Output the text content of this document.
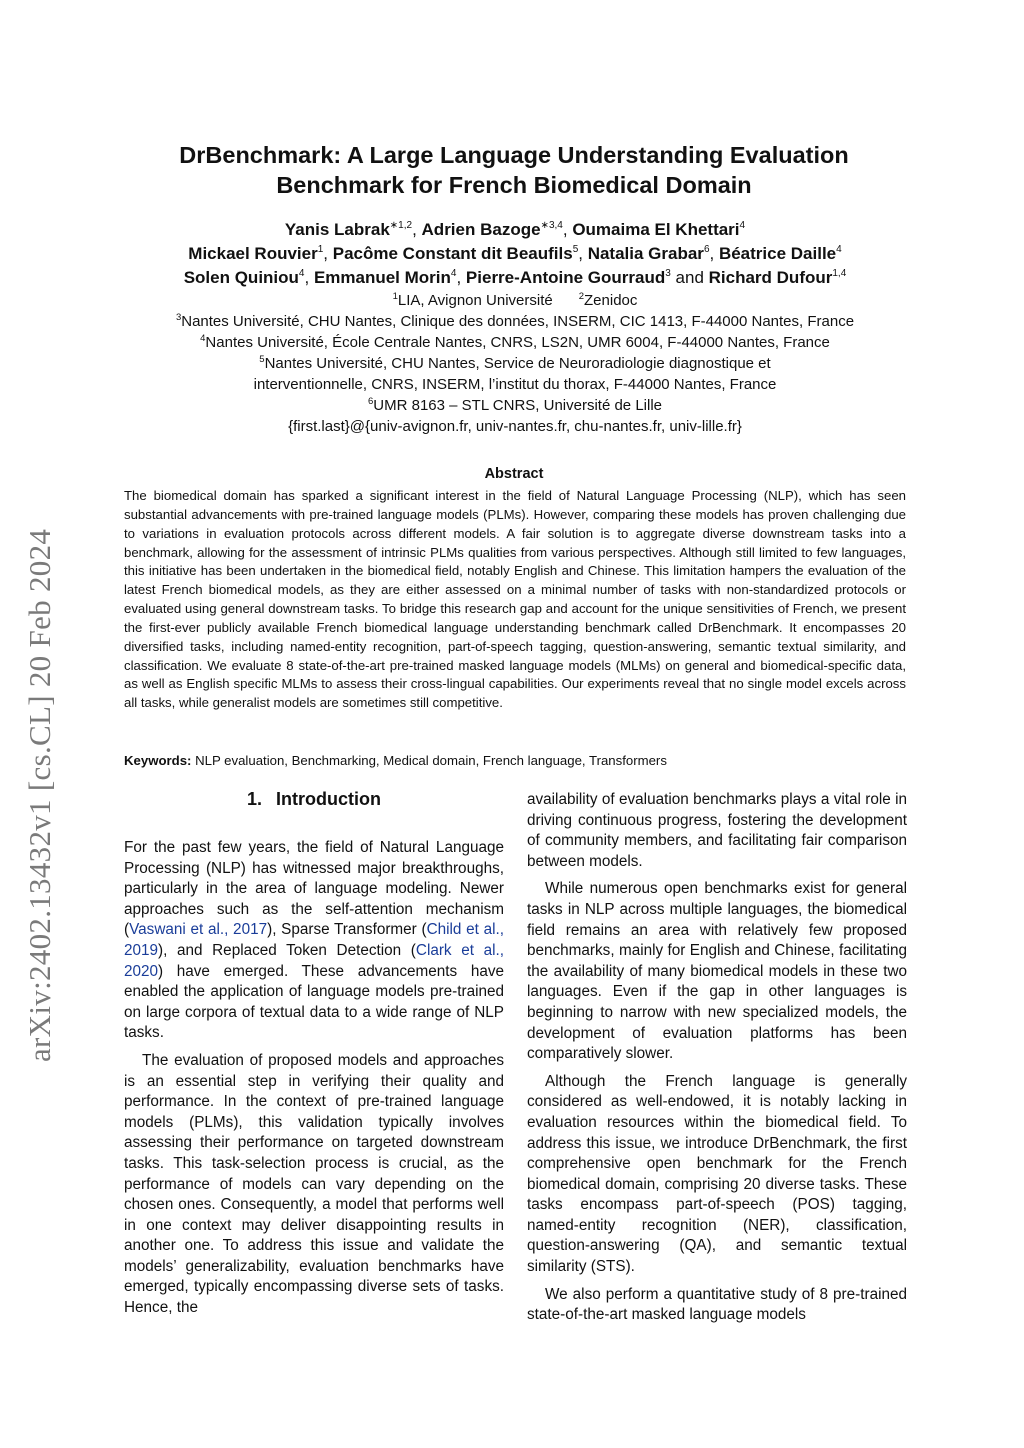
arXiv:2402.13432v1 [cs.CL] 20 Feb 2024
DrBenchmark: A Large Language Understanding Evaluation
Benchmark for French Biomedical Domain
Yanis Labrak$^{∗1,2}$, Adrien Bazoge$^{∗3,4}$, Oumaima El Khettari$^4$
Mickael Rouvier$^1$, Pacôme Constant dit Beaufils$^5$, Natalia Grabar$^6$, Béatrice Daille$^4$
Solen Quiniou$^4$, Emmanuel Morin$^4$, Pierre-Antoine Gourraud$^3$ and Richard Dufour$^{1,4}$
$^1$LIA, Avignon Université	$^2$Zenidoc
$^3$Nantes Université, CHU Nantes, Clinique des données, INSERM, CIC 1413, F-44000 Nantes, France
$^4$Nantes Université, École Centrale Nantes, CNRS, LS2N, UMR 6004, F-44000 Nantes, France
$^5$Nantes Université, CHU Nantes, Service de Neuroradiologie diagnostique et
interventionnelle, CNRS, INSERM, l’institut du thorax, F-44000 Nantes, France
$^6$UMR 8163 – STL CNRS, Université de Lille
{first.last}@{univ-avignon.fr, univ-nantes.fr, chu-nantes.fr, univ-lille.fr}
Abstract
The biomedical domain has sparked a significant interest in the field of Natural Language Processing (NLP), which has seen substantial advancements with pre-trained language models (PLMs). However, comparing these models has proven challenging due to variations in evaluation protocols across different models. A fair solution is to aggregate diverse downstream tasks into a benchmark, allowing for the assessment of intrinsic PLMs qualities from various perspectives. Although still limited to few languages, this initiative has been undertaken in the biomedical field, notably English and Chinese. This limitation hampers the evaluation of the latest French biomedical models, as they are either assessed on a minimal number of tasks with non-standardized protocols or evaluated using general downstream tasks. To bridge this research gap and account for the unique sensitivities of French, we present the first-ever publicly available French biomedical language understanding benchmark called DrBenchmark. It encompasses 20 diversified tasks, including named-entity recognition, part-of-speech tagging, question-answering, semantic textual similarity, and classification. We evaluate 8 state-of-the-art pre-trained masked language models (MLMs) on general and biomedical-specific data, as well as English specific MLMs to assess their cross-lingual capabilities. Our experiments reveal that no single model excels across all tasks, while generalist models are sometimes still competitive.
Keywords: NLP evaluation, Benchmarking, Medical domain, French language, Transformers
1. Introduction

For the past few years, the field of Natural Language Processing (NLP) has witnessed major breakthroughs, particularly in the area of language modeling. Newer approaches such as the self-attention mechanism (Vaswani et al., 2017), Sparse Transformer (Child et al., 2019), and Replaced Token Detection (Clark et al., 2020) have emerged. These advancements have enabled the application of language models pre-trained on large corpora of textual data to a wide range of NLP tasks.

The evaluation of proposed models and approaches is an essential step in verifying their quality and performance. In the context of pre-trained language models (PLMs), this validation typically involves assessing their performance on targeted downstream tasks. This task-selection process is crucial, as the performance of models can vary depending on the chosen ones. Consequently, a model that performs well in one context may deliver disappointing results in another one. To address this issue and validate the models’ generalizability, evaluation benchmarks have emerged, typically encompassing diverse sets of tasks. Hence, the

availability of evaluation benchmarks plays a vital role in driving continuous progress, fostering the development of community members, and facilitating fair comparison between models.

While numerous open benchmarks exist for general tasks in NLP across multiple languages, the biomedical field remains an area with relatively few proposed benchmarks, mainly for English and Chinese, facilitating the availability of many biomedical models in these two languages. Even if the gap in other languages is beginning to narrow with new specialized models, the development of evaluation platforms has been comparatively slower.

Although the French language is generally considered as well-endowed, it is notably lacking in evaluation resources within the biomedical field. To address this issue, we introduce DrBenchmark, the first comprehensive open benchmark for the French biomedical domain, comprising 20 diverse tasks. These tasks encompass part-of-speech (POS) tagging, named-entity recognition (NER), classification, question-answering (QA), and semantic textual similarity (STS).

We also perform a quantitative study of 8 pre-trained state-of-the-art masked language models
